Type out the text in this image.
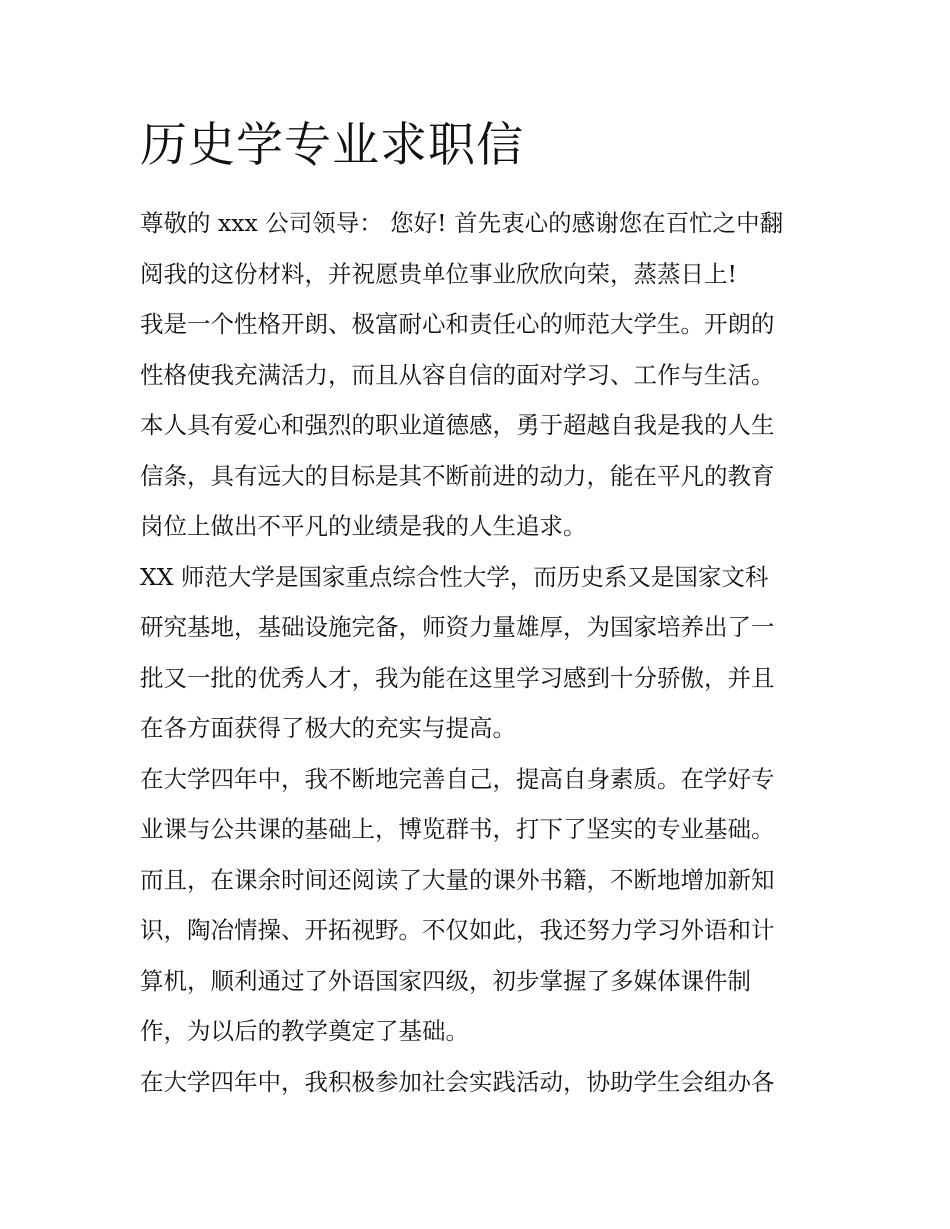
历史学专业求职信
尊敬的 xxx 公司领导： 您好! 首先衷心的感谢您在百忙之中翻
阅我的这份材料，并祝愿贵单位事业欣欣向荣，蒸蒸日上!
我是一个性格开朗、极富耐心和责任心的师范大学生。开朗的
性格使我充满活力，而且从容自信的面对学习、工作与生活。
本人具有爱心和强烈的职业道德感，勇于超越自我是我的人生
信条，具有远大的目标是其不断前进的动力，能在平凡的教育
岗位上做出不平凡的业绩是我的人生追求。
XX 师范大学是国家重点综合性大学，而历史系又是国家文科
研究基地，基础设施完备，师资力量雄厚，为国家培养出了一
批又一批的优秀人才，我为能在这里学习感到十分骄傲，并且
在各方面获得了极大的充实与提高。
在大学四年中，我不断地完善自己，提高自身素质。在学好专
业课与公共课的基础上，博览群书，打下了坚实的专业基础。
而且，在课余时间还阅读了大量的课外书籍，不断地增加新知
识，陶冶情操、开拓视野。不仅如此，我还努力学习外语和计
算机，顺利通过了外语国家四级，初步掌握了多媒体课件制
作，为以后的教学奠定了基础。
在大学四年中，我积极参加社会实践活动，协助学生会组办各
